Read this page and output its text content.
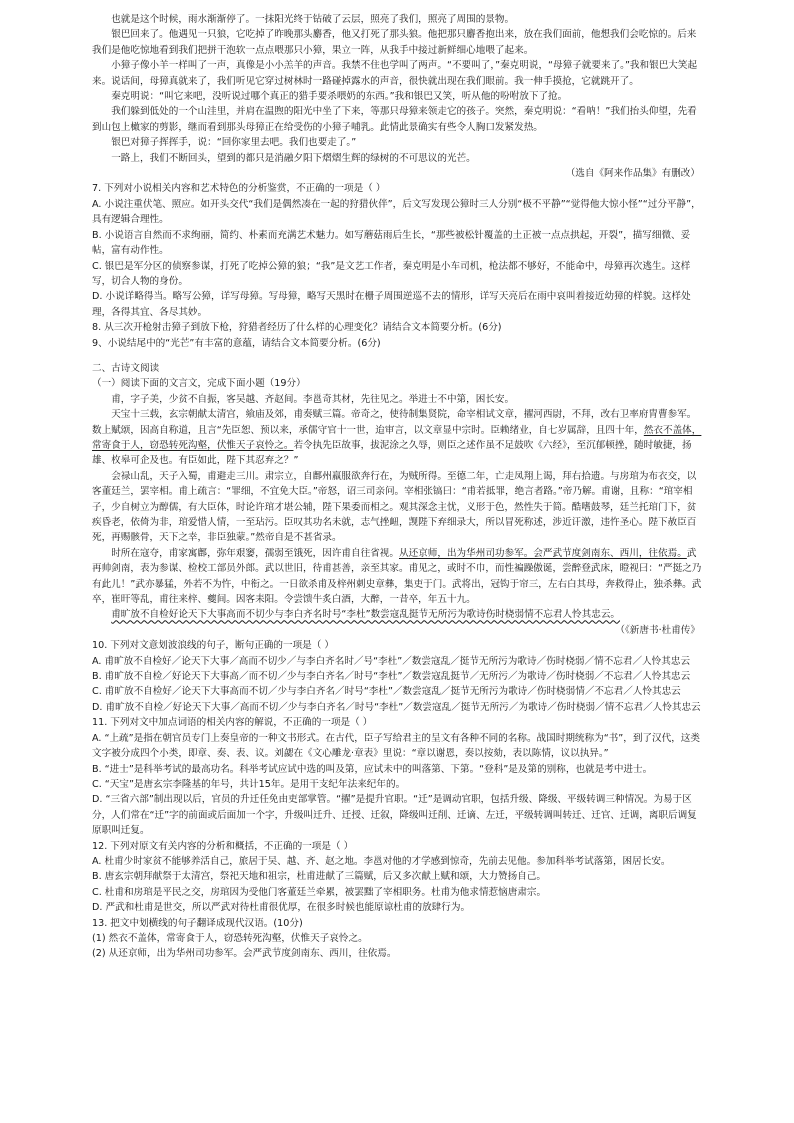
也就是这个时候，雨水渐渐停了。一抹阳光终于钻破了云层，照亮了我们，照亮了周围的景物。

银巴回来了。他遇见一只狼，它吃掉了昨晚那头麝香，他又打死了那头狼。他把那只麝香抱出来，放在我们面前，他想我们会吃惊的。后来我们是他吃惊地看到我们把拼干泡软一点点喂那只小獐，果立一阵，从我手中接过新鲜细心地喂了起来。

小獐子像小羊一样叫了一声，真像是小小羔羊的声音。我禁不住也学叫了两声。“不要叫了，”秦克明说，“母獐子就要来了。”我和银巴大笑起来。说话间，母獐真就来了，我们听见它穿过树林时一路碰掉露水的声音，很快就出现在我们眼前。我一伸手摸抢，它就跳开了。

秦克明说：“叫它来吧，没听说过哪个真正的猎手要杀喂奶的东西。”我和银巴又笑，听从他的吩咐放下了抢。

我们躲到低处的一个山洼里，并肩在温煦的阳光中坐了下来，等那只母獐来领走它的孩子。突然，秦克明说：“看呐！”我们抬头仰望，先看到山包上橄家的剪影，继而看到那头母獐正在给受伤的小獐子哺乳。此情此景确实有些令人胸口发紧发热。

银巴对獐子挥挥手，说：“回你家里去吧。我们也要走了。”

一路上，我们不断回头，望到的都只是消融夕阳下熠熠生辉的绿树的不可思议的光芒。

（选自《阿来作品集》有删改）

7. 下列对小说相关内容和艺术特色的分析鉴赏，不正确的一项是（ ）

A. 小说注重伏笔、照应。如开头交代“我们是偶然凑在一起的狩猎伙伴”，后文写发现公獐时三人分别“极不平静”“觉得他大惊小怪”“过分平静”，具有逻辑合理性。

B. 小说语言自然而不求绚丽，简约、朴素而充满艺术魅力。如写蘑菇雨后生长，“那些被松针覆盖的土正被一点点拱起，开裂”，描写细微、妥帖，富有动作性。

C. 银巴是军分区的侦察参谋，打死了吃掉公獐的狼；“我”是文艺工作者，秦克明是小车司机，枪法都不够好，不能命中，母獐再次逃生。这样写，切合人物的身份。

D. 小说详略得当。略写公獐，详写母獐。写母獐，略写天黑时在栅子周围逆巡不去的情形，详写天亮后在雨中哀叫着接近幼獐的样貌。这样处理，各得其宜、各尽其妙。

8. 从三次开枪射击獐子到放下枪，狩猎者经历了什么样的心理变化？请结合文本简要分析。(6分)

9、小说结尾中的“光芒”有丰富的意蕴，请结合文本简要分析。(6分)

二、古诗文阅读

（一）阅读下面的文言文，完成下面小题（19分）

甫，字子美，少贫不自振，客吴越、齐赵间。李邕奇其材，先往见之。举进士不中第，困长安。

天宝十三载，玄宗朝献太清宫，飨庙及郊，甫奏赋三篇。帝奇之，使待制集贤院，命宰相试文章，擢河西尉，不拜，改右卫率府胄曹参军。数上赋颂，因高自称道，且言“先臣恕、预以来，承儒守官十一世，迨审言，以文章显中宗时。臣赖绪业，自七岁属辞，且四十年，然衣不盖体，常寄食于人，窃恐转死沟壑，伏惟天子哀怜之。若令执先臣故事，拔泥涂之久辱，则臣之述作虽不足鼓吹《六经》，至沉郁顿挫，随时敏捷，扬雄、枚皋可企及也。有臣如此，陛下其忍弃之？”

会禄山乱，天子入蜀，甫避走三川。肃宗立，自鄜州羸服欲奔行在，为贼所得。至德二年，亡走凤翔上谒，拜右拾遗。与房琯为布衣交，以客董廷兰，罢宰相。甫上疏言：“罪细，不宜免大臣。”帝怒，诏三司亲问。宰相张镐曰：“甫若抵罪，绝言者路。”帝乃解。甫谢，且称：“琯宰相子，少自树立为醇儒，有大臣体，时论许琯才堪公辅，陛下果委而相之。观其深念主忧，义形于色，然性失于简。酷嗜鼓琴，廷兰托琯门下，贫疾昏老，依倚为非，琯爱惜人情，一至玷污。臣叹其功名未就，志气挫衄，觊陛下弃细录大，所以冒死称述，涉近讦激，违忤圣心。陛下赦臣百死，再赐骸骨，天下之幸，非臣独蒙。”然帝自是不甚省录。

时所在寇夺，甫家寓鄜，弥年艰窭，孺弱至饿死，因许甫自往省视。从还京师，出为华州司功参军。会严武节度剑南东、西川，往依焉。武再帅剑南，表为参谋、检校工部员外郎。武以世旧，待甫甚善，亲至其家。甫见之，或时不巾，而性褊躁傲诞，尝醉登武床，瞪视曰：“严挺之乃有此儿！”武亦暴猛，外若不为忤，中衔之。一日欲杀甫及梓州刺史章彝，集吏于门。武将出，冠钩于帘三，左右白其母，奔救得止，独杀彝。武卒，崔旰等乱，甫往来梓、夔间。因客耒阳。令尝馈牛炙白酒，大醉，一昔卒，年五十九。

甫旷放不自检好论天下大事高而不切少与李白齐名时号“李杜”数尝寇乱挺节无所污为歌诗伤时桡弱情不忘君人怜其忠云。

（《新唐书·杜甫传》

10. 下列对文意划波浪线的句子，断句正确的一项是（ ）

A. 甫旷放不自检好／论天下大事／高而不切少／与李白齐名时／号“李杜”／数尝寇乱／挺节无所污为歌诗／伤时桡弱／情不忘君／人怜其忠云

B. 甫旷放不自检／好论天下大事高／而不切／少与李白齐名／时号“李杜”／数尝寇乱挺节／无所污／为歌诗／伤时桡弱／不忘君／人怜其忠云

C. 甫旷放不自检好／论天下大事高而不切／少与李白齐名／时号“李杜”／数尝寇乱／挺节无所污为歌诗／伤时桡弱情／不忘君／人怜其忠云

D. 甫旷放不自检／好论天下大事／高而不切／少与李白齐名／时号“李杜”／数尝寇乱／挺节无所污／为歌诗／伤时桡弱／情不忘君／人怜其忠云

11. 下列对文中加点词语的相关内容的解说，不正确的一项是（ ）

A. “上疏”是指在朝官员专门上奏皇帝的一种文书形式。在古代，臣子写给君主的呈文有各种不同的名称。战国时期统称为“书”，到了汉代，这类文字被分成四个小类，即章、奏、表、议。刘勰在《文心雕龙·章表》里说：“章以谢恩，奏以按劾，表以陈情，议以执异。”

B. “进士”是科举考试的最高功名。科举考试应试中选的叫及第，应试未中的叫落第、下第。“登科”是及第的别称，也就是考中进士。

C. “天宝”是唐玄宗李隆基的年号，共计15年。是用干支纪年法来纪年的。

D. “三省六部”制出现以后，官员的升迁任免由吏部掌管。“擢”是提升官职。“迁”是调动官职，包括升级、降级、平级转调三种情况。为易于区分，人们常在“迁”字的前面或后面加一个字，升级叫迁升、迁授、迁叙，降级叫迁削、迁谪、左迁，平级转调叫转迁、迁官、迁调，离职后调复原职叫迁复。

12. 下列对原文有关内容的分析和概括，不正确的一项是（ ）

A. 杜甫少时家贫不能够养活自己，旅居于吴、越、齐、赵之地。李邕对他的才学感到惊奇，先前去见他。参加科举考试落第，困居长安。

B. 唐玄宗朝拜献祭于太清宫，祭祀天地和祖宗，杜甫进献了三篇赋，后又多次献上赋和颂，大力赞扬自己。

C. 杜甫和房琯是平民之交，房琯因为受他门客董廷兰牵累，被罢黜了宰相职务。杜甫为他求情惹恼唐肃宗。

D. 严武和杜甫是世交，所以严武对待杜甫很优厚，在很多时候也能原谅杜甫的放肆行为。

13. 把文中划横线的句子翻译成现代汉语。(10分)

(1) 然衣不盖体，常寄食于人，窃恐转死沟壑，伏惟天子哀怜之。

(2) 从还京师，出为华州司功参军。会严武节度剑南东、西川，往依焉。
